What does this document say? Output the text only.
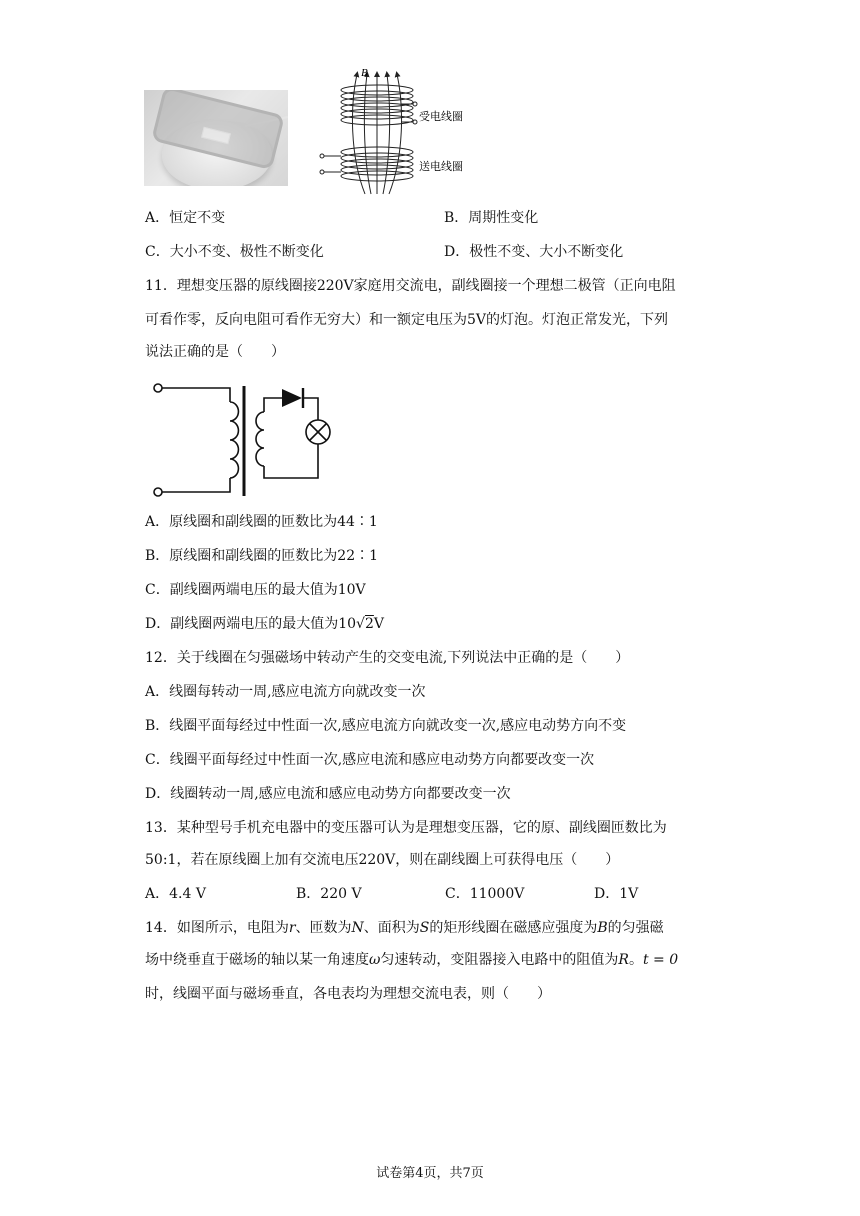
B
受电线圈
送电线圈
A．恒定不变	B．周期性变化
C．大小不变、极性不断变化	D．极性不变、大小不断变化
11．理想变压器的原线圈接220V家庭用交流电，副线圈接一个理想二极管（正向电阻
可看作零，反向电阻可看作无穷大）和一额定电压为5V的灯泡。灯泡正常发光，下列
说法正确的是（　　）
A．原线圈和副线圈的匝数比为44∶1
B．原线圈和副线圈的匝数比为22∶1
C．副线圈两端电压的最大值为10V
D．副线圈两端电压的最大值为10√2V
12．关于线圈在匀强磁场中转动产生的交变电流,下列说法中正确的是（　　）
A．线圈每转动一周,感应电流方向就改变一次
B．线圈平面每经过中性面一次,感应电流方向就改变一次,感应电动势方向不变
C．线圈平面每经过中性面一次,感应电流和感应电动势方向都要改变一次
D．线圈转动一周,感应电流和感应电动势方向都要改变一次
13．某种型号手机充电器中的变压器可认为是理想变压器，它的原、副线圈匝数比为
50:1，若在原线圈上加有交流电压220V，则在副线圈上可获得电压（　　）
A．4.4 V	B．220 V	C．11000V	D．1V
14．如图所示，电阻为r、匝数为N、面积为S的矩形线圈在磁感应强度为B的匀强磁
场中绕垂直于磁场的轴以某一角速度ω匀速转动，变阻器接入电路中的阻值为R。t = 0
时，线圈平面与磁场垂直，各电表均为理想交流电表，则（　　）
试卷第4页，共7页
